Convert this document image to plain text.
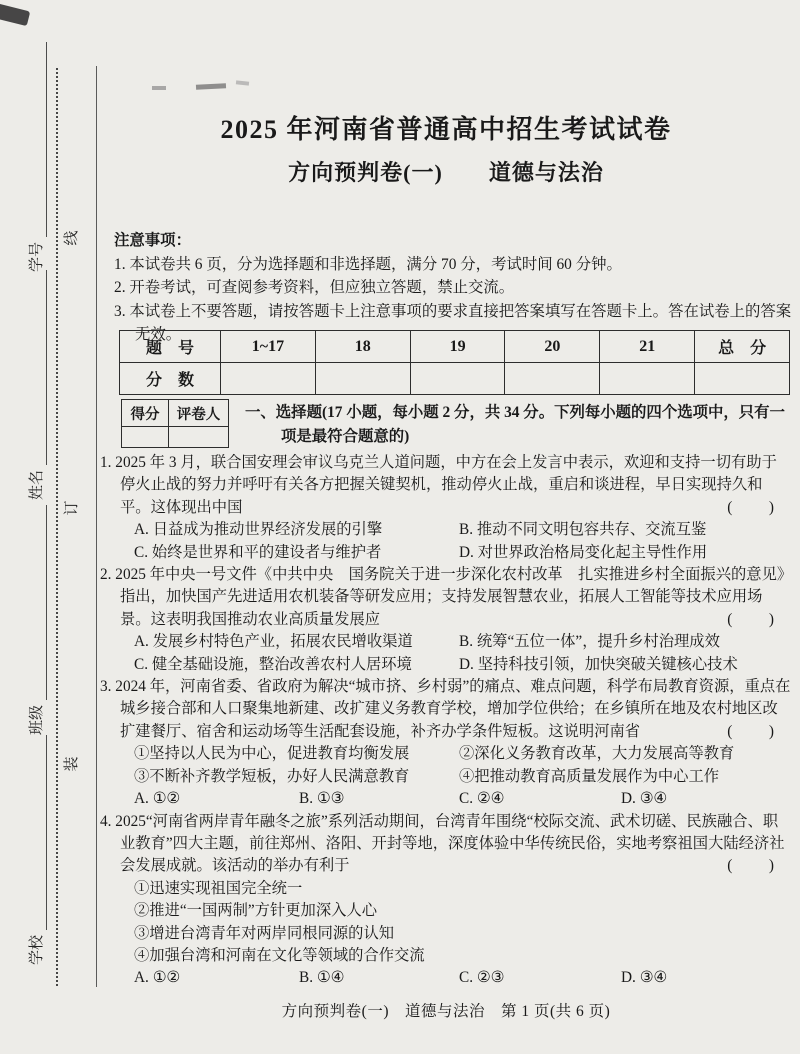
线
订
装
学号
姓名
班级
学校
2025 年河南省普通高中招生考试试卷
方向预判卷(一)　　道德与法治
注意事项：
1. 本试卷共 6 页，分为选择题和非选择题，满分 70 分，考试时间 60 分钟。
2. 开卷考试，可查阅参考资料，但应独立答题，禁止交流。
3. 本试卷上不要答题，请按答题卡上注意事项的要求直接把答案填写在答题卡上。答在试卷上的答案无效。
题　号	1~17	18	19	20	21	总　分
分　数						
得分	评卷人
	一、选择题(17 小题，每小题 2 分，共 34 分。下列每小题的四个选项中，只有一项是最符合题意的)
1. 2025 年 3 月，联合国安理会审议乌克兰人道问题，中方在会上发言中表示，欢迎和支持一切有助于停火止战的努力并呼吁有关各方把握关键契机，推动停火止战，重启和谈进程，早日实现持久和平。这体现出中国	(　　)
A. 日益成为推动世界经济发展的引擎	B. 推动不同文明包容共存、交流互鉴
C. 始终是世界和平的建设者与维护者	D. 对世界政治格局变化起主导性作用
2. 2025 年中央一号文件《中共中央　国务院关于进一步深化农村改革　扎实推进乡村全面振兴的意见》指出，加快国产先进适用农机装备等研发应用；支持发展智慧农业，拓展人工智能等技术应用场景。这表明我国推动农业高质量发展应	(　　)
A. 发展乡村特色产业，拓展农民增收渠道	B. 统筹“五位一体”，提升乡村治理成效
C. 健全基础设施，整治改善农村人居环境	D. 坚持科技引领，加快突破关键核心技术
3. 2024 年，河南省委、省政府为解决“城市挤、乡村弱”的痛点、难点问题，科学布局教育资源，重点在城乡接合部和人口聚集地新建、改扩建义务教育学校，增加学位供给；在乡镇所在地及农村地区改扩建餐厅、宿舍和运动场等生活配套设施，补齐办学条件短板。这说明河南省	(　　)
①坚持以人民为中心，促进教育均衡发展	②深化义务教育改革，大力发展高等教育
③不断补齐教学短板，办好人民满意教育	④把推动教育高质量发展作为中心工作
A. ①②	B. ①③	C. ②④	D. ③④
4. 2025“河南省两岸青年融冬之旅”系列活动期间，台湾青年围绕“校际交流、武术切磋、民族融合、职业教育”四大主题，前往郑州、洛阳、开封等地，深度体验中华传统民俗，实地考察祖国大陆经济社会发展成就。该活动的举办有利于	(　　)
①迅速实现祖国完全统一
②推进“一国两制”方针更加深入人心
③增进台湾青年对两岸同根同源的认知
④加强台湾和河南在文化等领域的合作交流
A. ①②	B. ①④	C. ②③	D. ③④
方向预判卷(一)　道德与法治　第 1 页(共 6 页)
